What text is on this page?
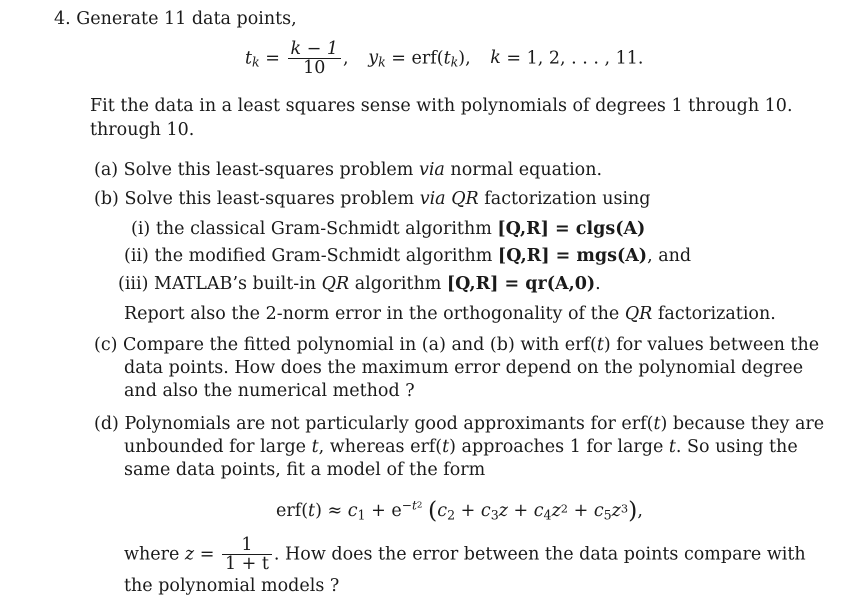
4. Generate 11 data points,
$t_k = \frac{k - 1}{10}$ , $y_k = erf(t_k)$, k = 1, 2, . . . , 11.
Fit the data in a least squares sense with polynomials of degrees 1 through 10.
through 10.
(a) Solve this least-squares problem via normal equation.
(b) Solve this least-squares problem via QR factorization using
(i) the classical Gram-Schmidt algorithm [Q,R] = clgs(A)
(ii) the modified Gram-Schmidt algorithm [Q,R] = mgs(A), and
(iii) MATLAB’s built-in QR algorithm [Q,R] = qr(A,0).
Report also the 2-norm error in the orthogonality of the QR factorization.
(c) Compare the fitted polynomial in (a) and (b) with erf(t) for values between the
data points. How does the maximum error depend on the polynomial degree
and also the numerical method ?
(d) Polynomials are not particularly good approximants for erf(t) because they are
unbounded for large t, whereas erf(t) approaches 1 for large t. So using the
same data points, fit a model of the form
$erf(t) \approx c_1 + e^{-t2}$ $(c_2 + c_3z + c_4z2 + c_5z3)$,
where $z = \frac{1}{1 + t}$ . How does the error between the data points compare with
the polynomial models ?
